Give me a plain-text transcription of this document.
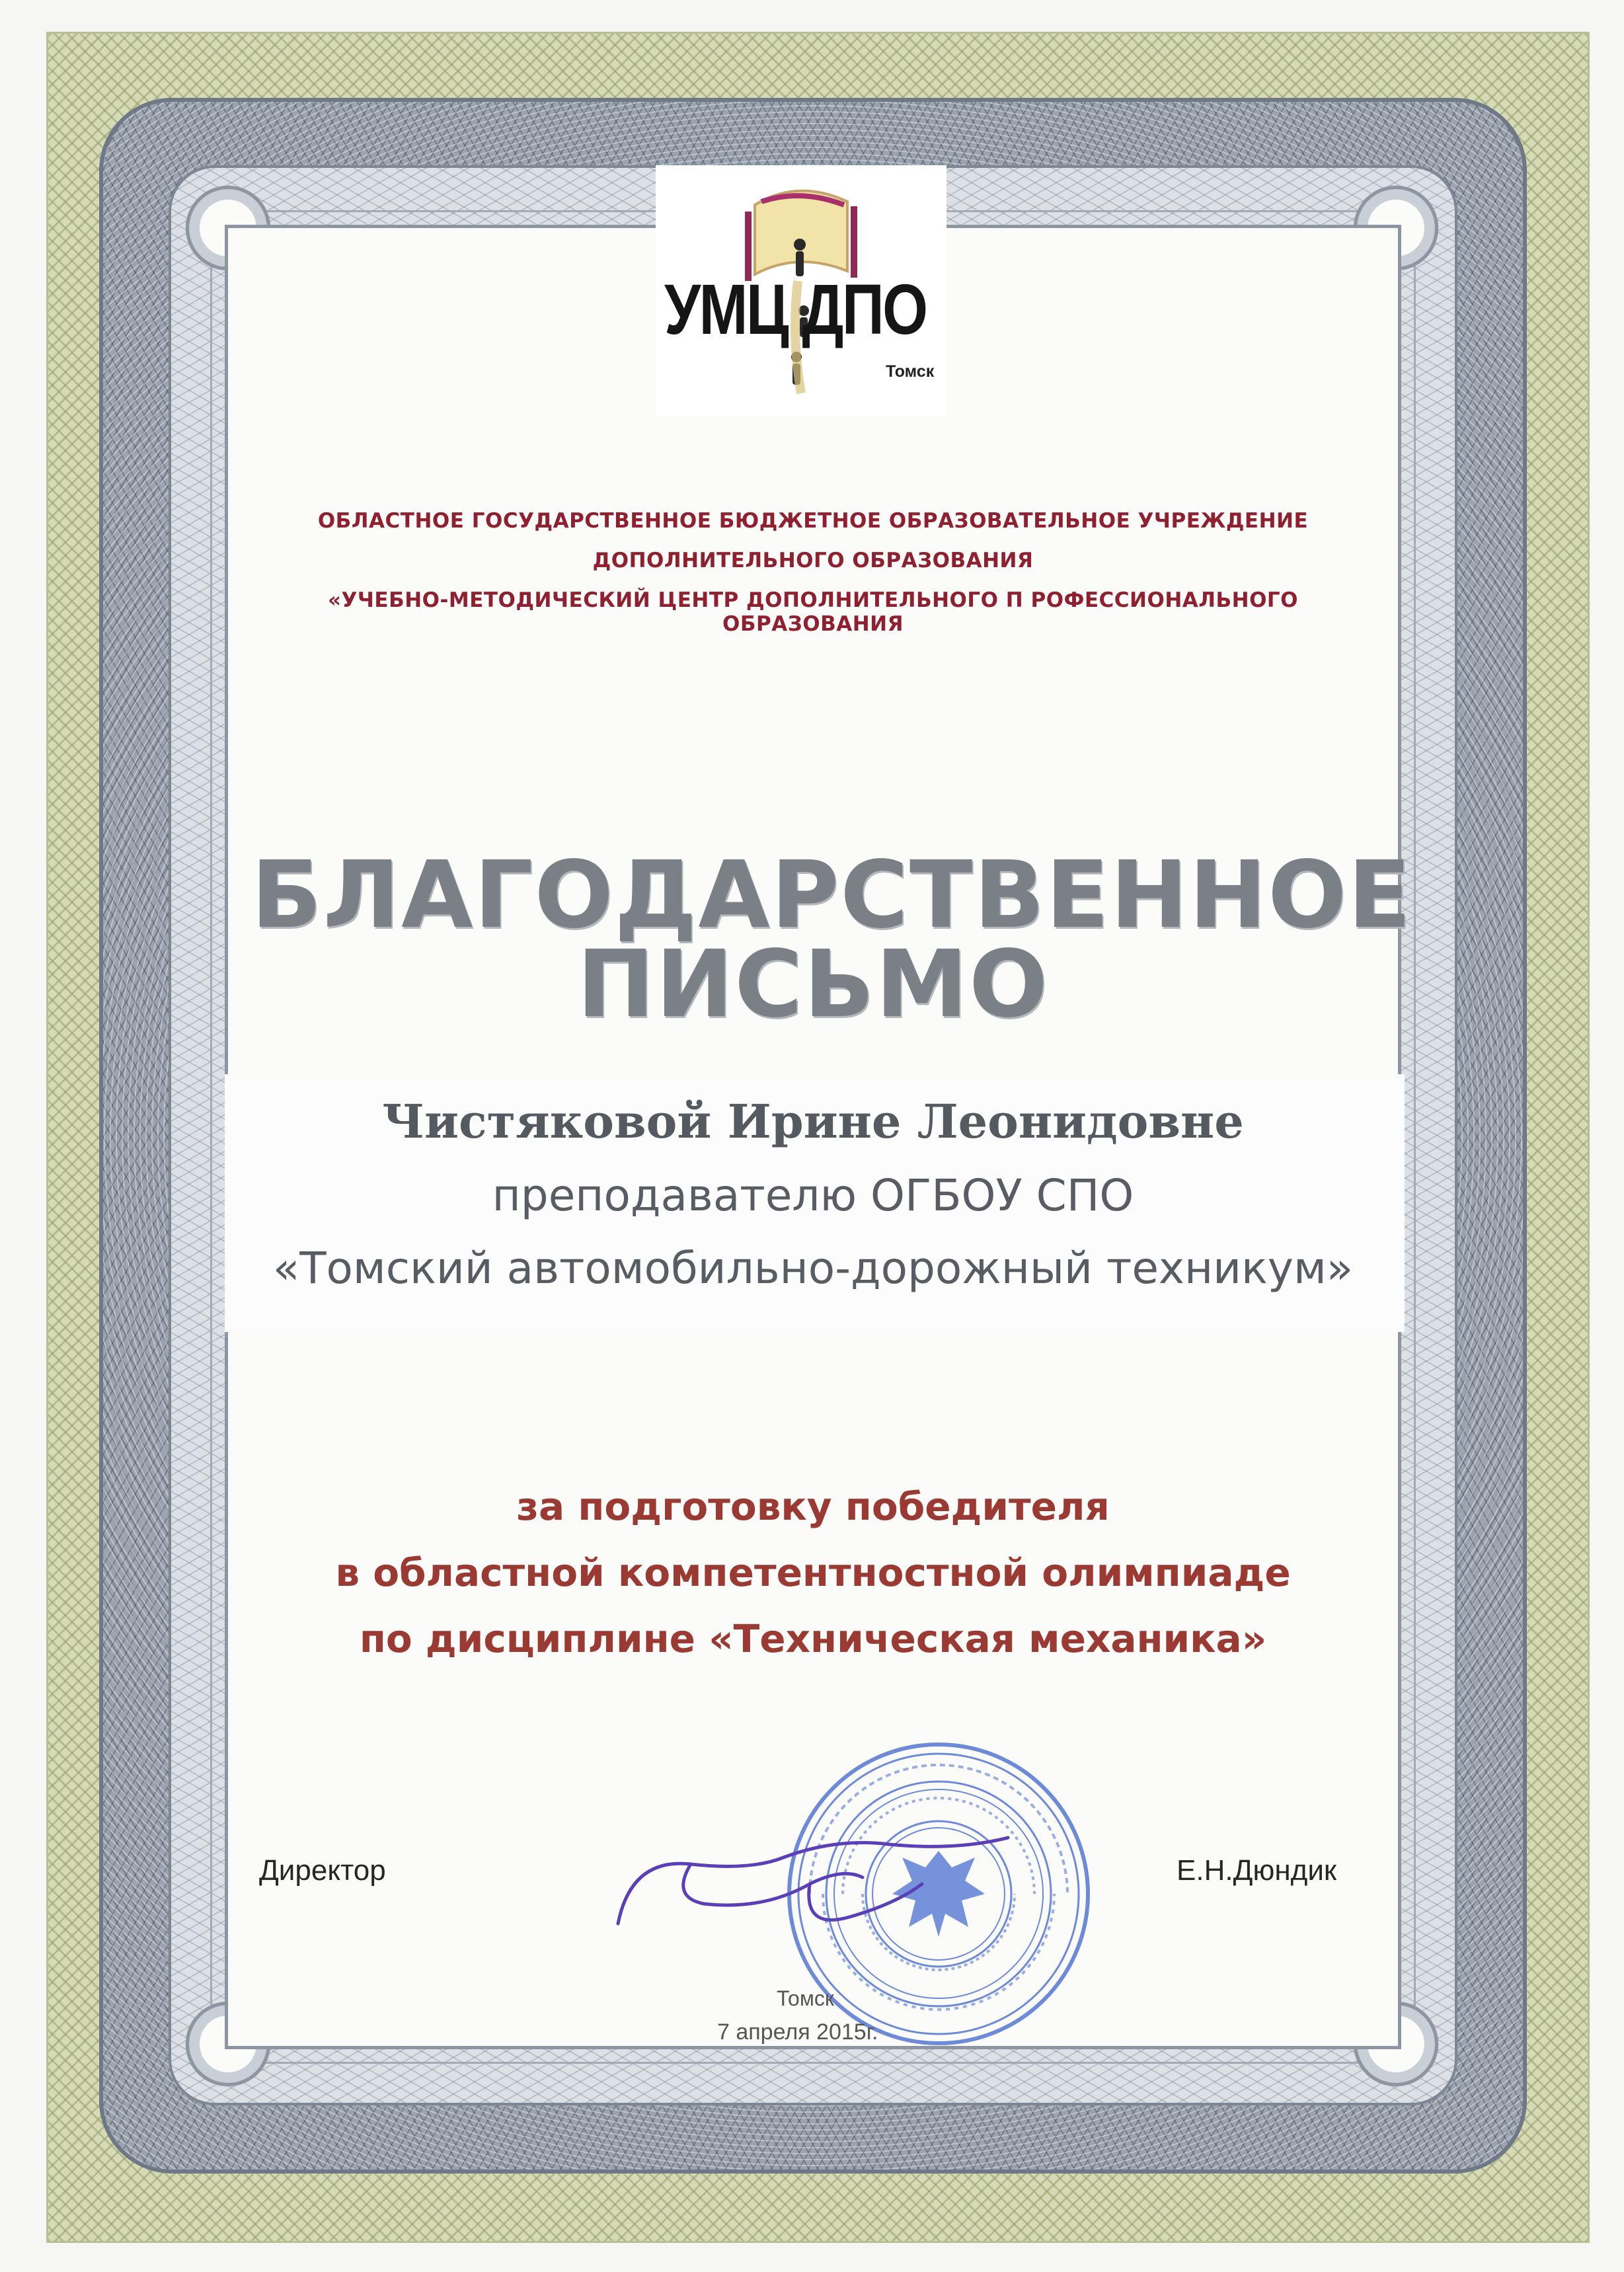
УМЦ ДПО
Томск
ОБЛАСТНОЕ ГОСУДАРСТВЕННОЕ БЮДЖЕТНОЕ ОБРАЗОВАТЕЛЬНОЕ УЧРЕЖДЕНИЕ
ДОПОЛНИТЕЛЬНОГО ОБРАЗОВАНИЯ
«УЧЕБНО-МЕТОДИЧЕСКИЙ ЦЕНТР ДОПОЛНИТЕЛЬНОГО П РОФЕССИОНАЛЬНОГО ОБРАЗОВАНИЯ
БЛАГОДАРСТВЕННОЕ
ПИСЬМО
Чистяковой Ирине Леонидовне
преподавателю ОГБОУ СПО
«Томский автомобильно-дорожный техникум»
за подготовку победителя
в областной компетентностной олимпиаде
по дисциплине «Техническая механика»
Директор	Е.Н.Дюндик
Томск
7 апреля 2015г.
